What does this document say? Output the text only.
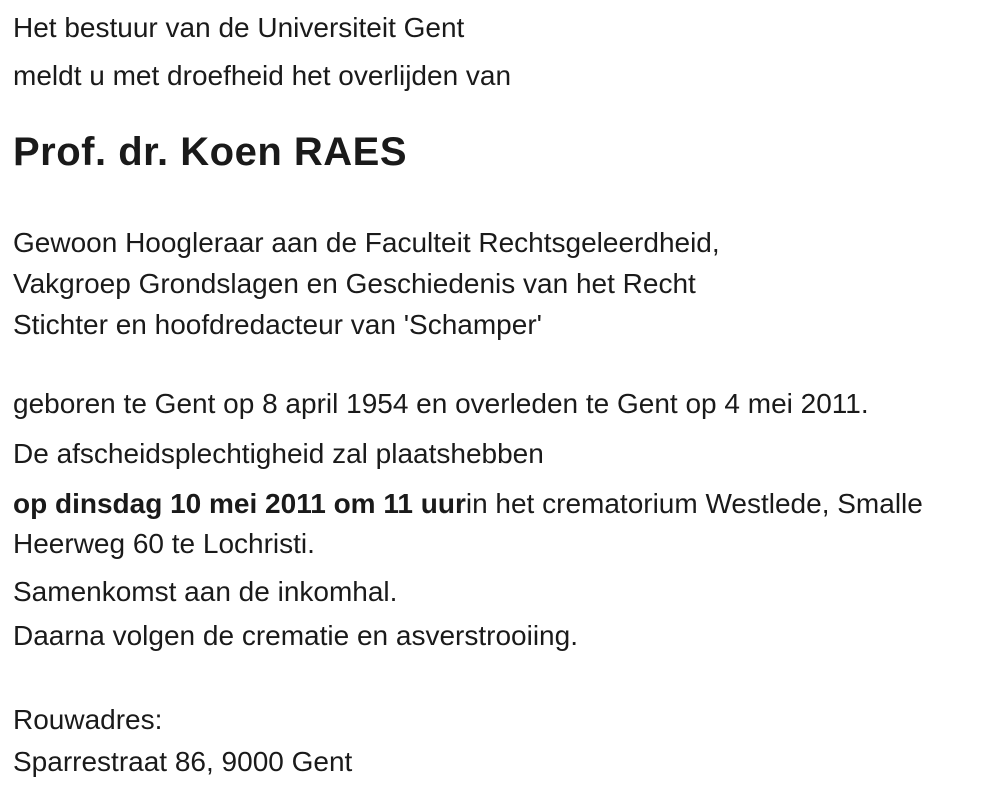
Het bestuur van de Universiteit Gent

meldt u met droefheid het overlijden van

Prof. dr. Koen RAES

Gewoon Hoogleraar aan de Faculteit Rechtsgeleerdheid,

Vakgroep Grondslagen en Geschiedenis van het Recht

Stichter en hoofdredacteur van 'Schamper'

geboren te Gent op 8 april 1954 en overleden te Gent op 4 mei 2011.

De afscheidsplechtigheid zal plaatshebben

op dinsdag 10 mei 2011 om 11 uurin het crematorium Westlede, Smalle

Heerweg 60 te Lochristi.

Samenkomst aan de inkomhal.

Daarna volgen de crematie en asverstrooiing.

Rouwadres:

Sparrestraat 86, 9000 Gent
